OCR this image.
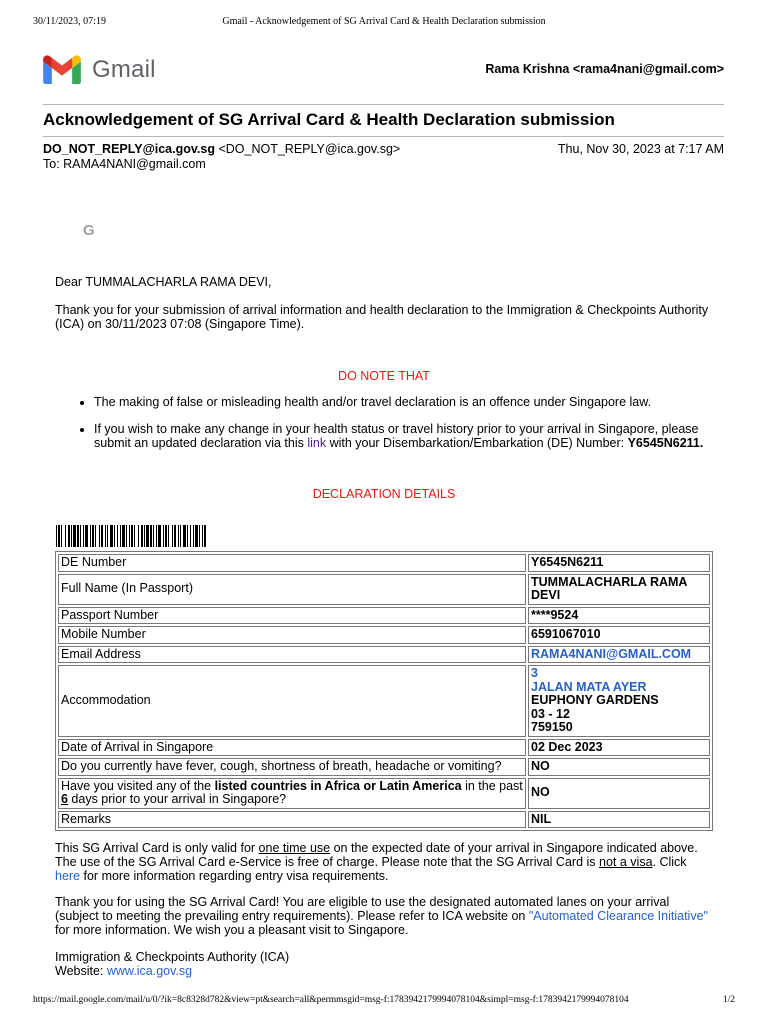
30/11/2023, 07:19	Gmail - Acknowledgement of SG Arrival Card & Health Declaration submission
Gmail	Rama Krishna <rama4nani@gmail.com>
Acknowledgement of SG Arrival Card & Health Declaration submission
DO_NOT_REPLY@ica.gov.sg <DO_NOT_REPLY@ica.gov.sg>
To: RAMA4NANI@gmail.com
Thu, Nov 30, 2023 at 7:17 AM
G
Dear TUMMALACHARLA RAMA DEVI,
Thank you for your submission of arrival information and health declaration to the Immigration & Checkpoints Authority (ICA) on 30/11/2023 07:08 (Singapore Time).
DO NOTE THAT
• The making of false or misleading health and/or travel declaration is an offence under Singapore law.
• If you wish to make any change in your health status or travel history prior to your arrival in Singapore, please submit an updated declaration via this link with your Disembarkation/Embarkation (DE) Number: Y6545N6211.
DECLARATION DETAILS
DE Number	Y6545N6211
Full Name (In Passport)	TUMMALACHARLA RAMA DEVI
Passport Number	****9524
Mobile Number	6591067010
Email Address	RAMA4NANI@GMAIL.COM
Accommodation	3
JALAN MATA AYER
EUPHONY GARDENS
03 - 12
759150
Date of Arrival in Singapore	02 Dec 2023
Do you currently have fever, cough, shortness of breath, headache or vomiting?	NO
Have you visited any of the listed countries in Africa or Latin America in the past 6 days prior to your arrival in Singapore?	NO
Remarks	NIL
This SG Arrival Card is only valid for one time use on the expected date of your arrival in Singapore indicated above. The use of the SG Arrival Card e-Service is free of charge. Please note that the SG Arrival Card is not a visa. Click here for more information regarding entry visa requirements.
Thank you for using the SG Arrival Card! You are eligible to use the designated automated lanes on your arrival (subject to meeting the prevailing entry requirements). Please refer to ICA website on "Automated Clearance Initiative" for more information. We wish you a pleasant visit to Singapore.
Immigration & Checkpoints Authority (ICA)
Website: www.ica.gov.sg
https://mail.google.com/mail/u/0/?ik=8c8328d782&view=pt&search=all&permmsgid=msg-f:1783942179994078104&simpl=msg-f:1783942179994078104	1/2
